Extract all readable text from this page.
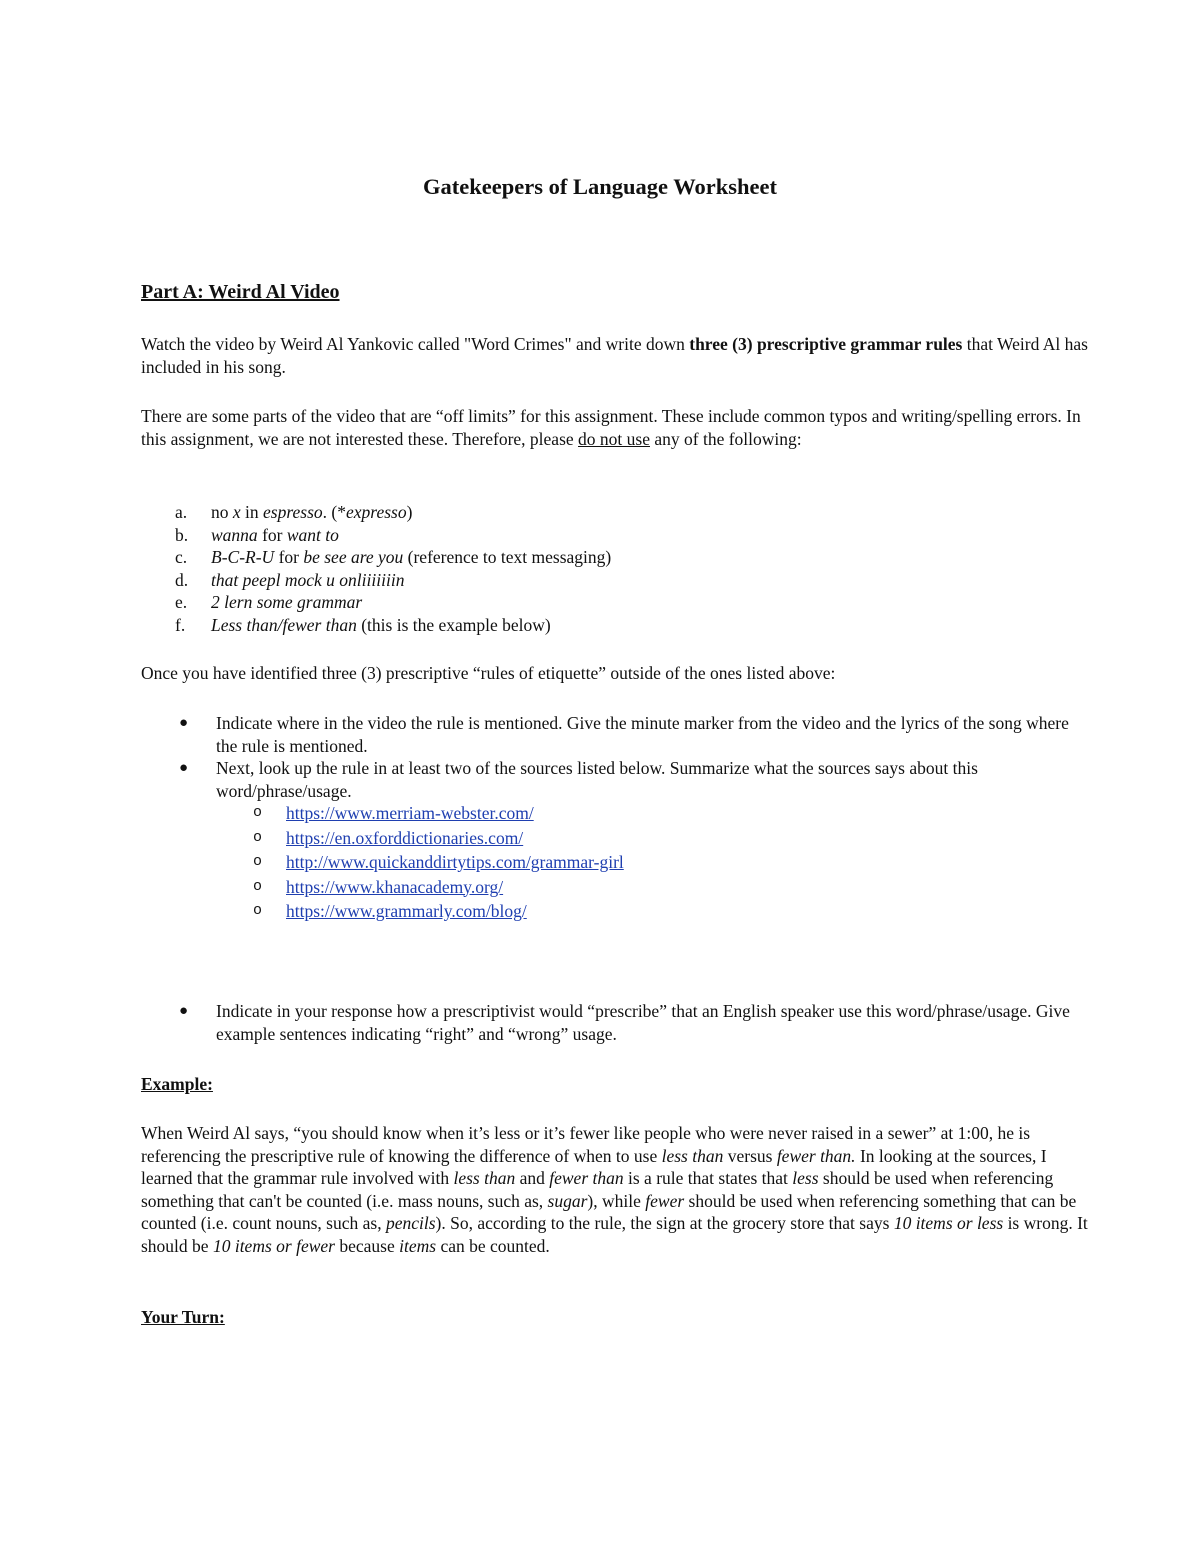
Gatekeepers of Language Worksheet
Part A: Weird Al Video

Watch the video by Weird Al Yankovic called "Word Crimes" and write down three (3) prescriptive grammar rules that Weird Al has included in his song.

There are some parts of the video that are “off limits” for this assignment. These include common typos and writing/spelling errors. In this assignment, we are not interested these. Therefore, please do not use any of the following:

a. no x in espresso. (*expresso)
b. wanna for want to
c. B-C-R-U for be see are you (reference to text messaging)
d. that peepl mock u onliiiiiiin
e. 2 lern some grammar
f. Less than/fewer than (this is the example below)

Once you have identified three (3) prescriptive “rules of etiquette” outside of the ones listed above:

● Indicate where in the video the rule is mentioned. Give the minute marker from the video and the lyrics of the song where the rule is mentioned.
● Next, look up the rule in at least two of the sources listed below. Summarize what the sources says about this word/phrase/usage.
o https://www.merriam-webster.com/
o https://en.oxforddictionaries.com/
o http://www.quickanddirtytips.com/grammar-girl
o https://www.khanacademy.org/
o https://www.grammarly.com/blog/
● Indicate in your response how a prescriptivist would “prescribe” that an English speaker use this word/phrase/usage. Give example sentences indicating “right” and “wrong” usage.

Example:

When Weird Al says, “you should know when it’s less or it’s fewer like people who were never raised in a sewer” at 1:00, he is referencing the prescriptive rule of knowing the difference of when to use less than versus fewer than. In looking at the sources, I learned that the grammar rule involved with less than and fewer than is a rule that states that less should be used when referencing something that can't be counted (i.e. mass nouns, such as, sugar), while fewer should be used when referencing something that can be counted (i.e. count nouns, such as, pencils). So, according to the rule, the sign at the grocery store that says 10 items or less is wrong. It should be 10 items or fewer because items can be counted.

Your Turn:
